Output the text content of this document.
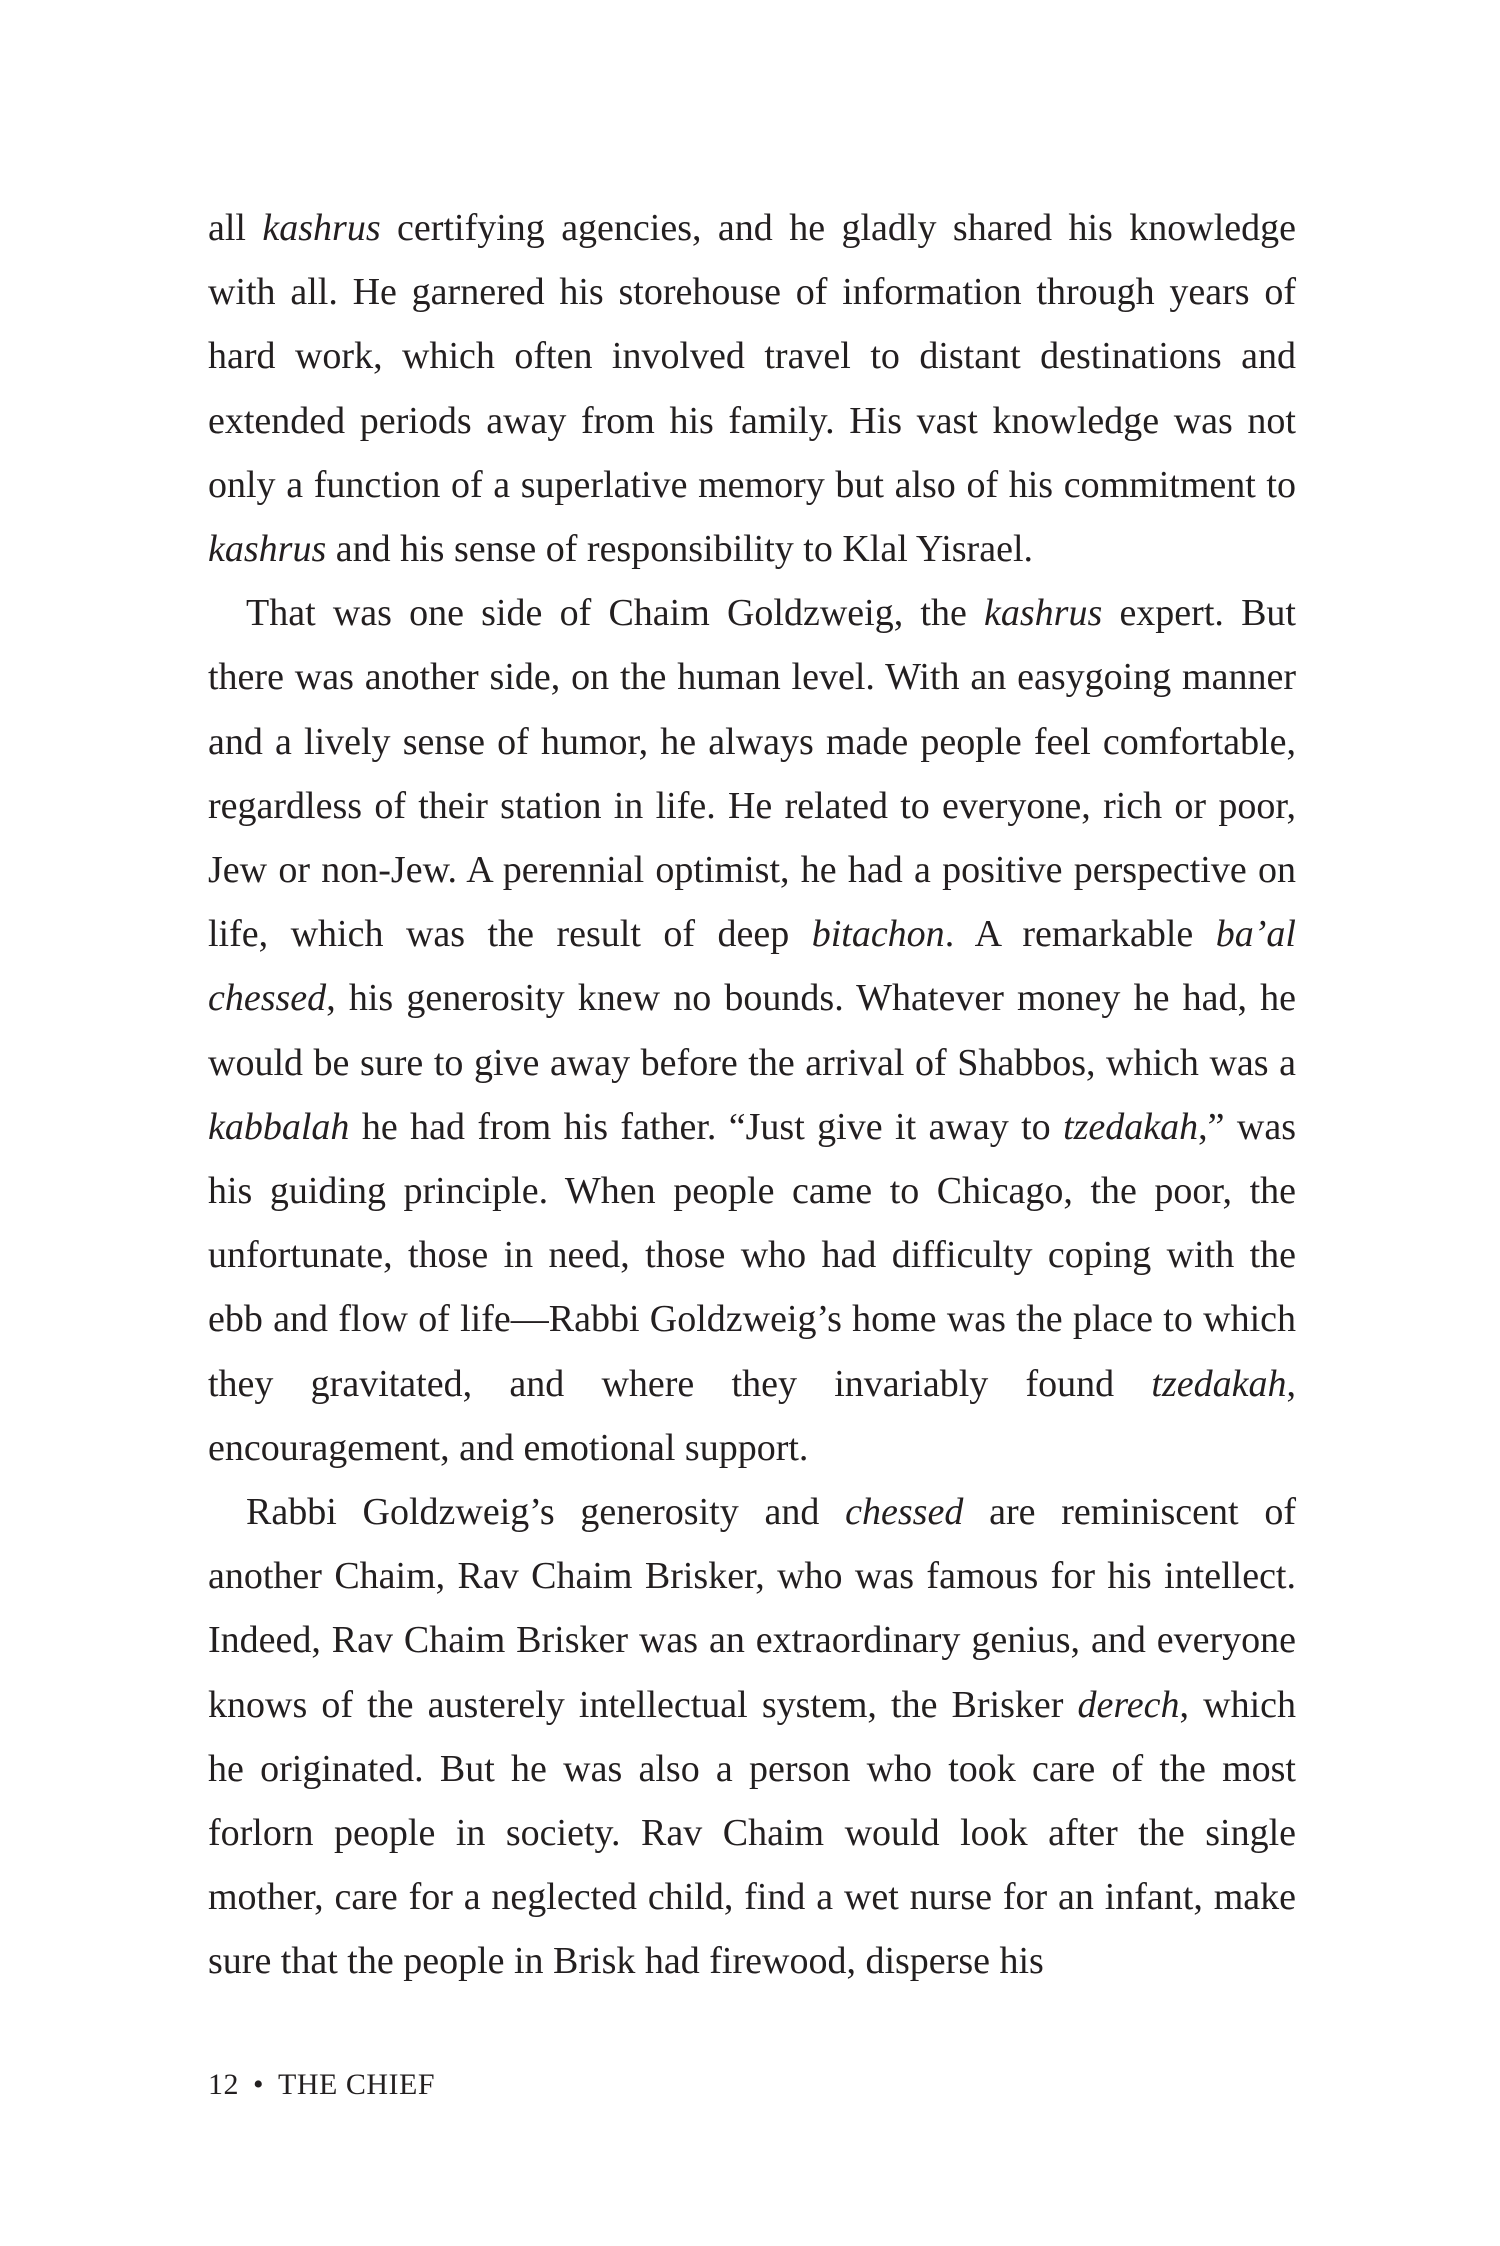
all kashrus certifying agencies, and he gladly shared his knowledge with all. He garnered his storehouse of information through years of hard work, which often involved travel to distant destinations and extended periods away from his family. His vast knowledge was not only a function of a superlative memory but also of his commitment to kashrus and his sense of responsibility to Klal Yisrael.

That was one side of Chaim Goldzweig, the kashrus expert. But there was another side, on the human level. With an easygoing manner and a lively sense of humor, he always made people feel comfortable, regardless of their station in life. He related to everyone, rich or poor, Jew or non-Jew. A perennial optimist, he had a positive perspective on life, which was the result of deep bitachon. A remarkable ba’al chessed, his generosity knew no bounds. Whatever money he had, he would be sure to give away before the arrival of Shabbos, which was a kabbalah he had from his father. “Just give it away to tzedakah,” was his guiding principle. When people came to Chicago, the poor, the unfortunate, those in need, those who had difficulty coping with the ebb and flow of life—Rabbi Goldzweig’s home was the place to which they gravitated, and where they invariably found tzedakah, encouragement, and emotional support.

Rabbi Goldzweig’s generosity and chessed are reminiscent of another Chaim, Rav Chaim Brisker, who was famous for his intellect. Indeed, Rav Chaim Brisker was an extraordinary genius, and everyone knows of the austerely intellectual system, the Brisker derech, which he originated. But he was also a person who took care of the most forlorn people in society. Rav Chaim would look after the single mother, care for a neglected child, find a wet nurse for an infant, make sure that the people in Brisk had firewood, disperse his

12 • THE CHIEF
